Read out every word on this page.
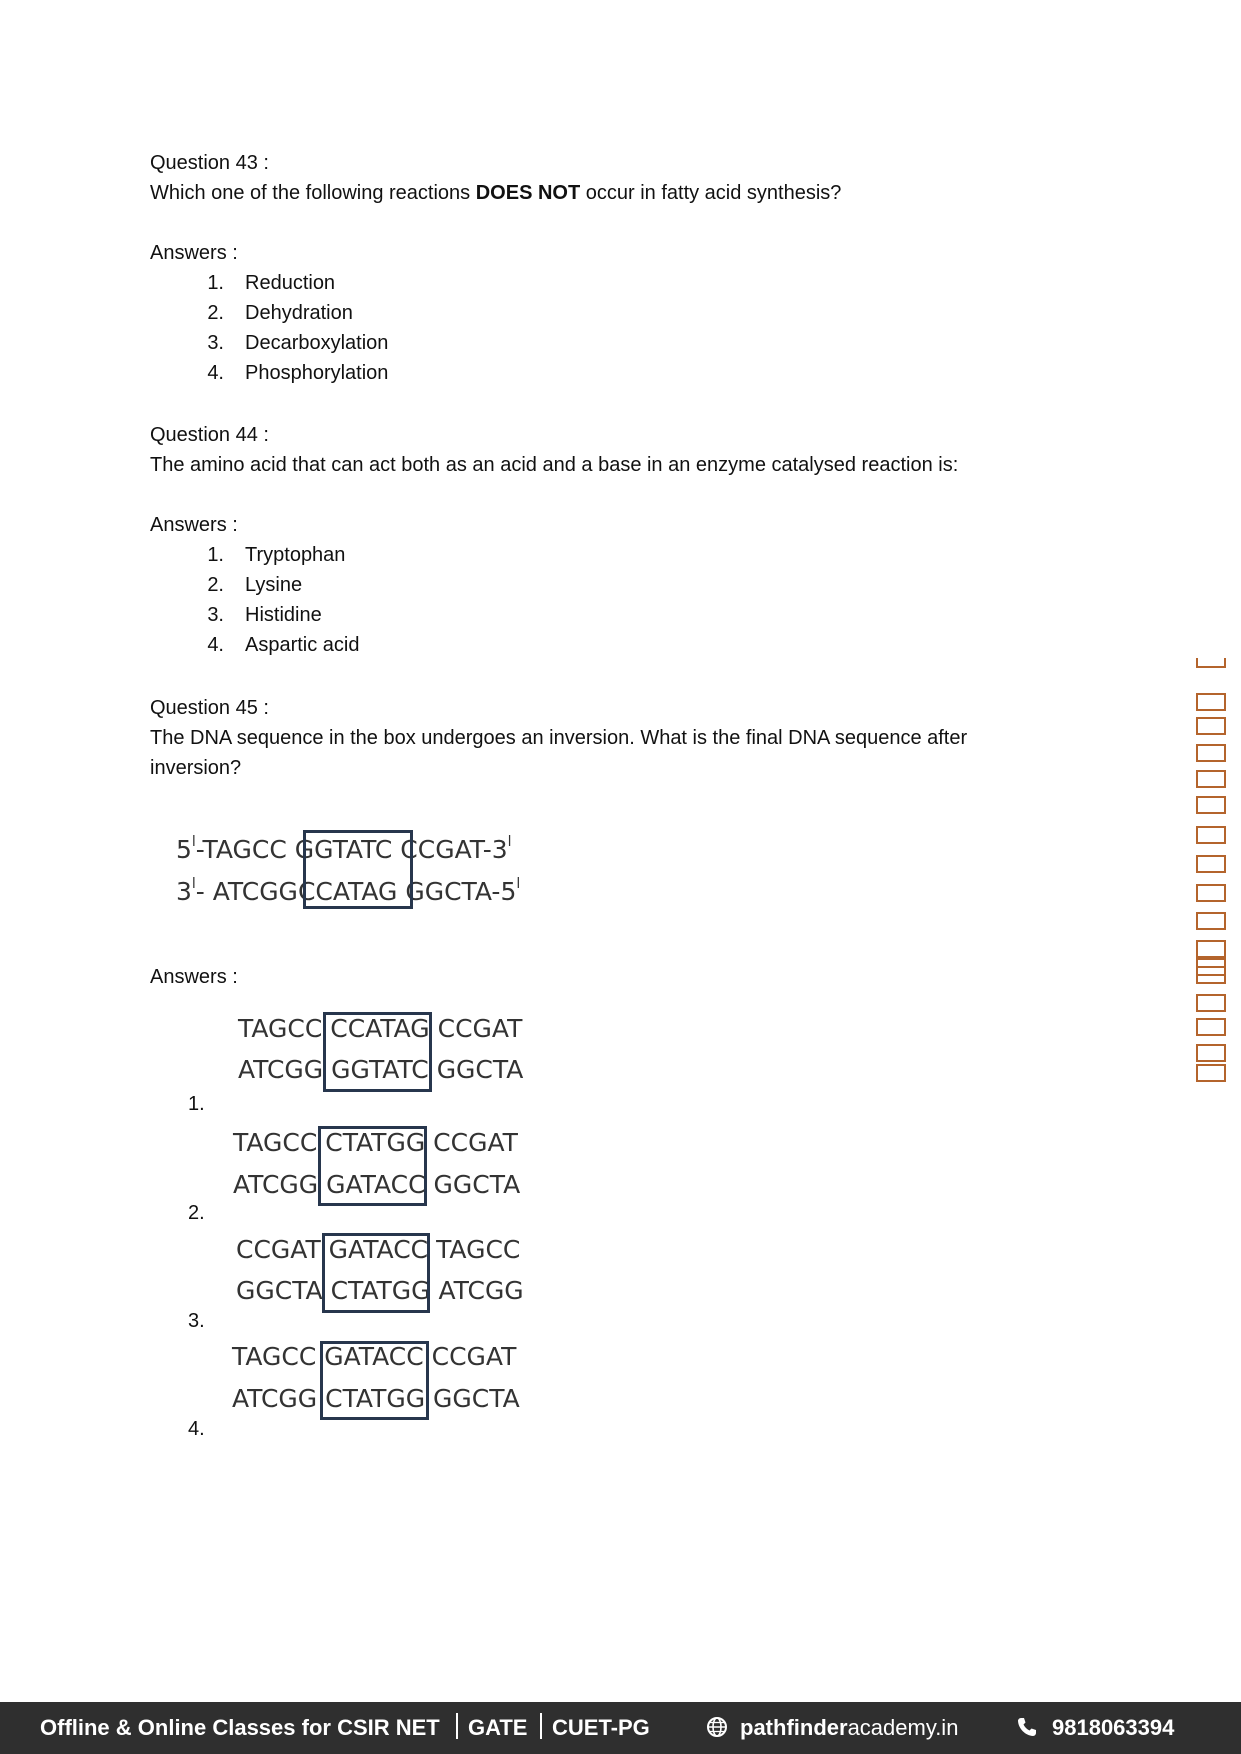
Question 43 :

Which one of the following reactions DOES NOT occur in fatty acid synthesis?

Answers :

1. Reduction
2. Dehydration
3. Decarboxylation
4. Phosphorylation

Question 44 :

The amino acid that can act both as an acid and a base in an enzyme catalysed reaction is:

Answers :

1. Tryptophan
2. Lysine
3. Histidine
4. Aspartic acid

Question 45 :

The DNA sequence in the box undergoes an inversion. What is the final DNA sequence after

inversion?

5$^l$-TAGCC GGTATC CCGAT-3$^l$
3$^l$- ATCGGCCATAG GGCTA-5$^l$

Answers :

TAGCC CCATAG CCGAT
ATCGG GGTATC GGCTA
1.
TAGCC CTATGG CCGAT
ATCGG GATACC GGCTA
2.
CCGAT GATACC TAGCC
GGCTA CTATGG ATCGG
3.
TAGCC GATACC CCGAT
ATCGG CTATGG GGCTA
4.
Offline & Online Classes for CSIR NET GATE CUET-PG	pathfinderacademy.in	9818063394
